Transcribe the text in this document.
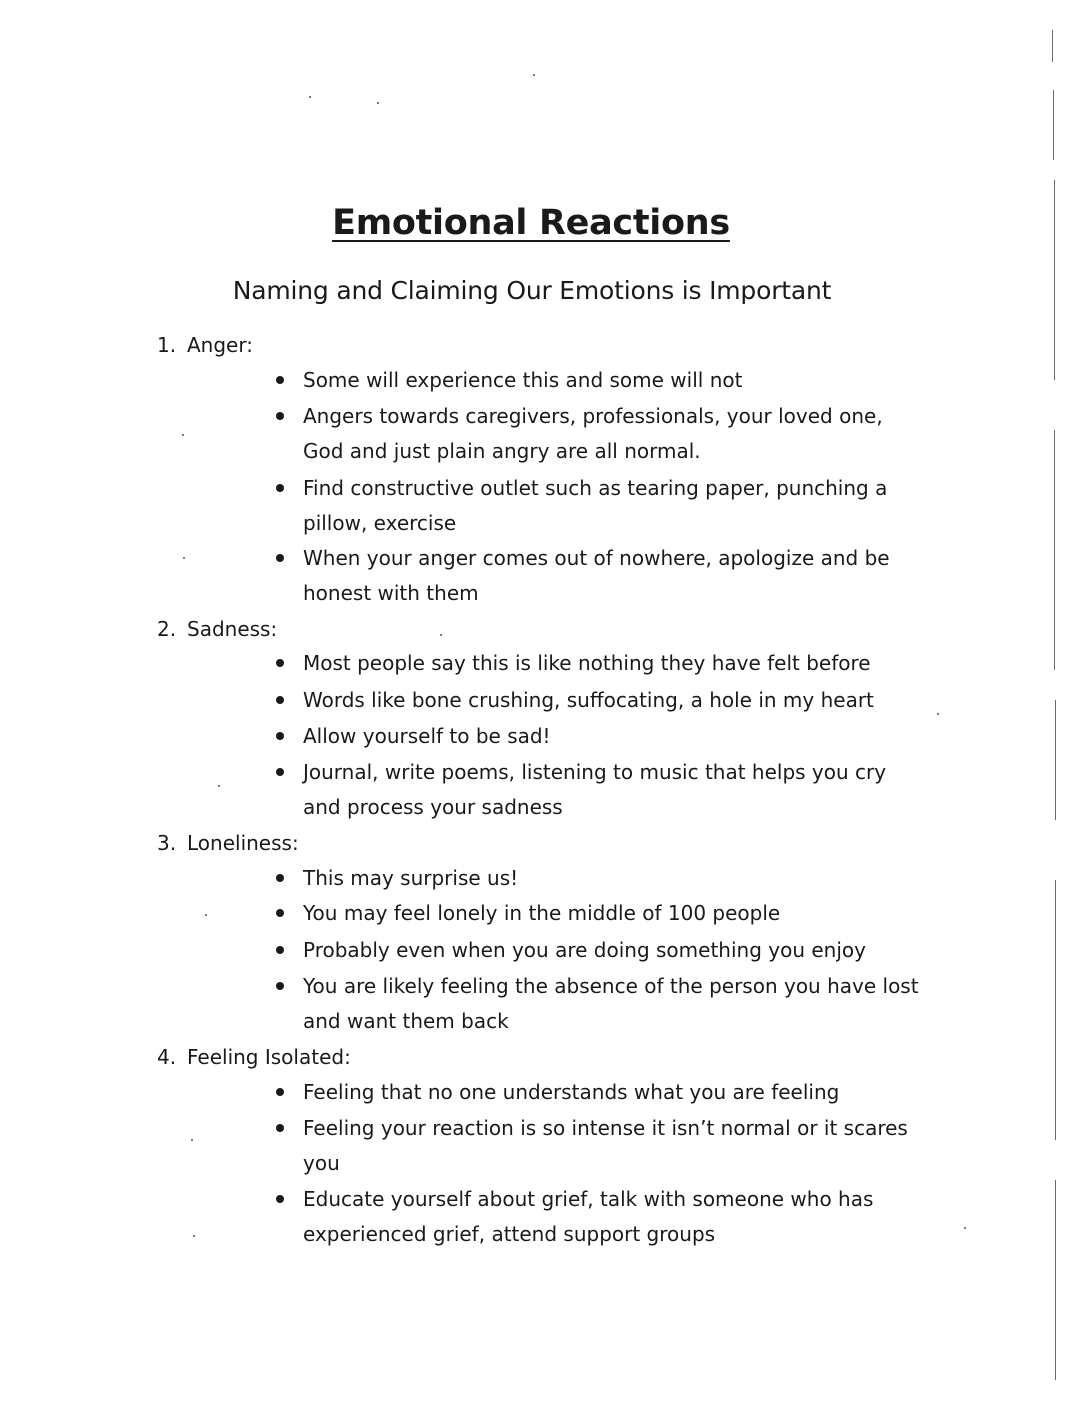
Emotional Reactions
Naming and Claiming Our Emotions is Important
1. Anger:
Some will experience this and some will not
Angers towards caregivers, professionals, your loved one, God and just plain angry are all normal.
Find constructive outlet such as tearing paper, punching a pillow, exercise
When your anger comes out of nowhere, apologize and be honest with them
2. Sadness:
Most people say this is like nothing they have felt before
Words like bone crushing, suffocating, a hole in my heart
Allow yourself to be sad!
Journal, write poems, listening to music that helps you cry and process your sadness
3. Loneliness:
This may surprise us!
You may feel lonely in the middle of 100 people
Probably even when you are doing something you enjoy
You are likely feeling the absence of the person you have lost and want them back
4. Feeling Isolated:
Feeling that no one understands what you are feeling
Feeling your reaction is so intense it isn’t normal or it scares you
Educate yourself about grief, talk with someone who has experienced grief, attend support groups
